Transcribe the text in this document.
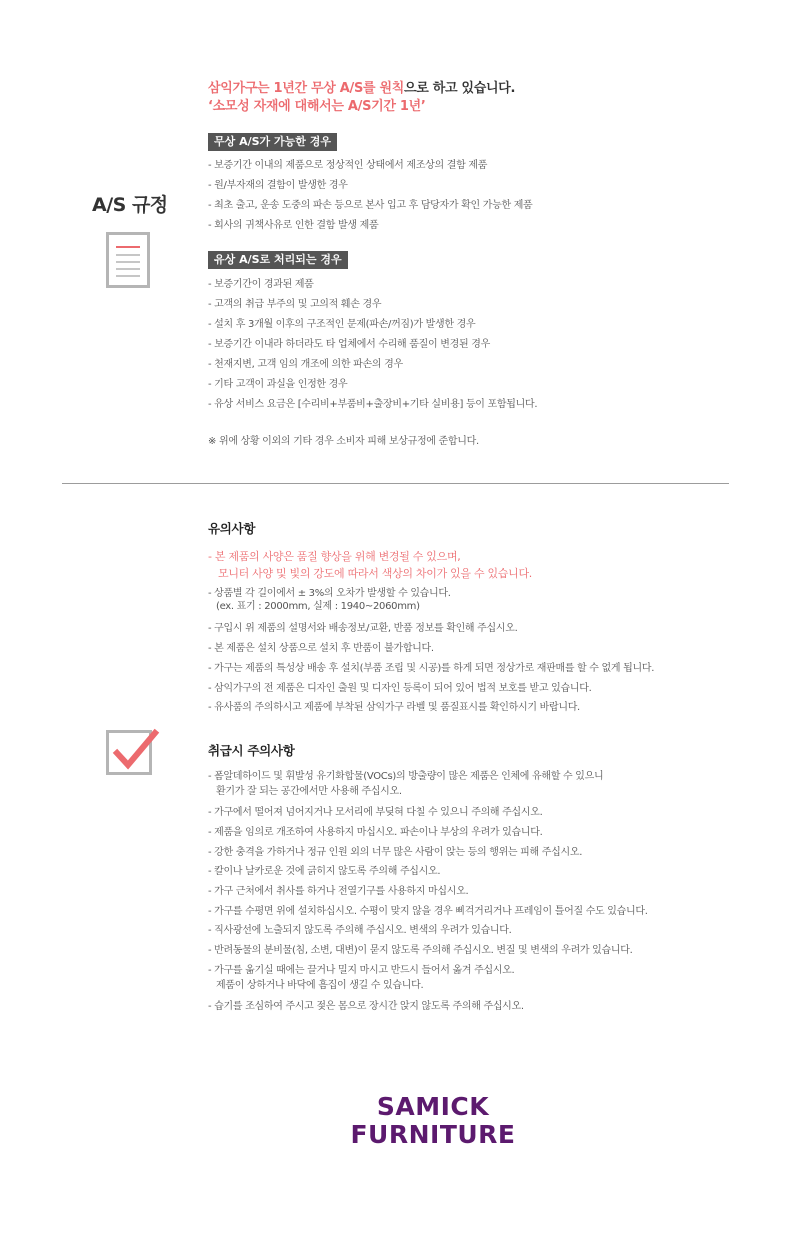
삼익가구는 1년간 무상 A/S를 원칙으로 하고 있습니다.
‘소모성 자재에 대해서는 A/S기간 1년’
A/S 규정
무상 A/S가 가능한 경우
- 보증기간 이내의 제품으로 정상적인 상태에서 제조상의 결함 제품
- 원/부자재의 결함이 발생한 경우
- 최초 출고, 운송 도중의 파손 등으로 본사 입고 후 담당자가 확인 가능한 제품
- 회사의 귀책사유로 인한 결함 발생 제품
유상 A/S로 처리되는 경우
- 보증기간이 경과된 제품
- 고객의 취급 부주의 및 고의적 훼손 경우
- 설치 후 3개월 이후의 구조적인 문제(파손/꺼짐)가 발생한 경우
- 보증기간 이내라 하더라도 타 업체에서 수리해 품질이 변경된 경우
- 천재지변, 고객 임의 개조에 의한 파손의 경우
- 기타 고객이 과실을 인정한 경우
- 유상 서비스 요금은 [수리비+부품비+출장비+기타 실비용] 등이 포함됩니다.
※ 위에 상황 이외의 기타 경우 소비자 피해 보상규정에 준합니다.
유의사항
- 본 제품의 사양은 품질 향상을 위해 변경될 수 있으며,
모니터 사양 및 빛의 강도에 따라서 색상의 차이가 있을 수 있습니다.
- 상품별 각 길이에서 ± 3%의 오차가 발생할 수 있습니다.
(ex. 표기 : 2000mm, 실제 : 1940~2060mm)
- 구입시 위 제품의 설명서와 배송정보/교환, 반품 정보를 확인해 주십시오.
- 본 제품은 설치 상품으로 설치 후 반품이 불가합니다.
- 가구는 제품의 특성상 배송 후 설치(부품 조립 및 시공)를 하게 되면 정상가로 재판매를 할 수 없게 됩니다.
- 삼익가구의 전 제품은 디자인 출원 및 디자인 등록이 되어 있어 법적 보호를 받고 있습니다.
- 유사품의 주의하시고 제품에 부착된 삼익가구 라벨 및 품질표시를 확인하시기 바랍니다.
취급시 주의사항
- 폼알데하이드 및 휘발성 유기화합물(VOCs)의 방출량이 많은 제품은 인체에 유해할 수 있으니
환기가 잘 되는 공간에서만 사용해 주십시오.
- 가구에서 떨어져 넘어지거나 모서리에 부딪혀 다칠 수 있으니 주의해 주십시오.
- 제품을 임의로 개조하여 사용하지 마십시오. 파손이나 부상의 우려가 있습니다.
- 강한 충격을 가하거나 정규 인원 외의 너무 많은 사람이 앉는 등의 행위는 피해 주십시오.
- 칼이나 날카로운 것에 긁히지 않도록 주의해 주십시오.
- 가구 근처에서 취사를 하거나 전열기구를 사용하지 마십시오.
- 가구를 수평면 위에 설치하십시오. 수평이 맞지 않을 경우 삐걱거리거나 프레임이 틀어질 수도 있습니다.
- 직사광선에 노출되지 않도록 주의해 주십시오. 변색의 우려가 있습니다.
- 반려동물의 분비물(침, 소변, 대변)이 묻지 않도록 주의해 주십시오. 변질 및 변색의 우려가 있습니다.
- 가구를 옮기실 때에는 끌거나 밀지 마시고 반드시 들어서 옮겨 주십시오.
제품이 상하거나 바닥에 흠집이 생길 수 있습니다.
- 습기를 조심하여 주시고 젖은 몸으로 장시간 앉지 않도록 주의해 주십시오.
SAMICK
FURNITURE
